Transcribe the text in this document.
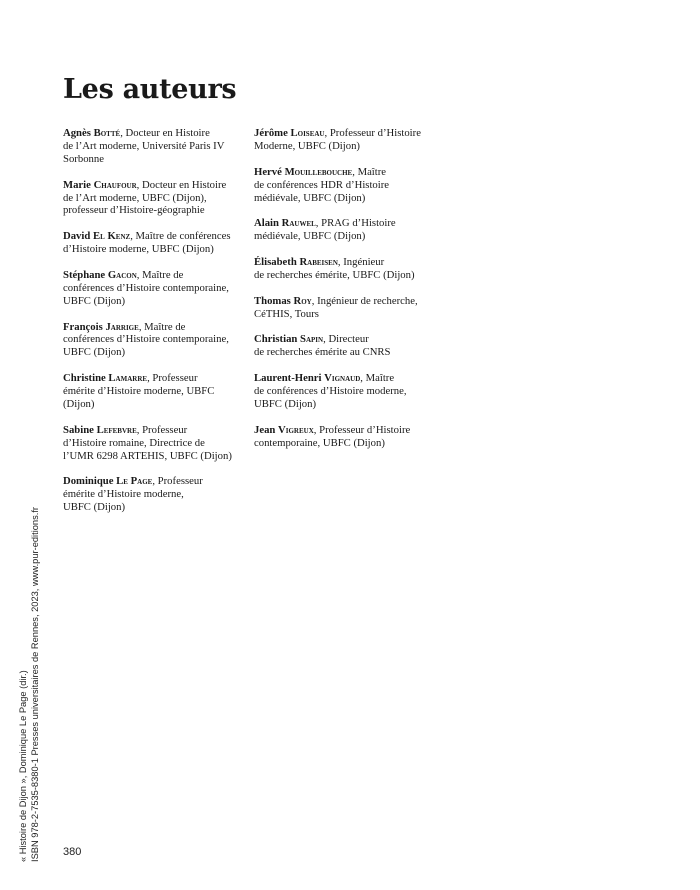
Les auteurs

Agnès Botté, Docteur en Histoire
de l’Art moderne, Université Paris IV
Sorbonne

Marie Chaufour, Docteur en Histoire
de l’Art moderne, UBFC (Dijon),
professeur d’Histoire-géographie

David El Kenz, Maître de conférences
d’Histoire moderne, UBFC (Dijon)

Stéphane Gacon, Maître de
conférences d’Histoire contemporaine,
UBFC (Dijon)

François Jarrige, Maître de
conférences d’Histoire contemporaine,
UBFC (Dijon)

Christine Lamarre, Professeur
émérite d’Histoire moderne, UBFC
(Dijon)

Sabine Lefebvre, Professeur
d’Histoire romaine, Directrice de
l’UMR 6298 ARTEHIS, UBFC (Dijon)

Dominique Le Page, Professeur
émérite d’Histoire moderne,
UBFC (Dijon)

Jérôme Loiseau, Professeur d’Histoire
Moderne, UBFC (Dijon)

Hervé Mouillebouche, Maître
de conférences HDR d’Histoire
médiévale, UBFC (Dijon)

Alain Rauwel, PRAG d’Histoire
médiévale, UBFC (Dijon)

Élisabeth Rabeisen, Ingénieur
de recherches émérite, UBFC (Dijon)

Thomas Roy, Ingénieur de recherche,
CéTHIS, Tours

Christian Sapin, Directeur
de recherches émérite au CNRS

Laurent-Henri Vignaud, Maître
de conférences d’Histoire moderne,
UBFC (Dijon)

Jean Vigreux, Professeur d’Histoire
contemporaine, UBFC (Dijon)

« Histoire de Dijon », Dominique Le Page (dir.) ISBN 978-2-7535-8380-1 Presses universitaires de Rennes, 2023, www.pur-editions.fr 380
